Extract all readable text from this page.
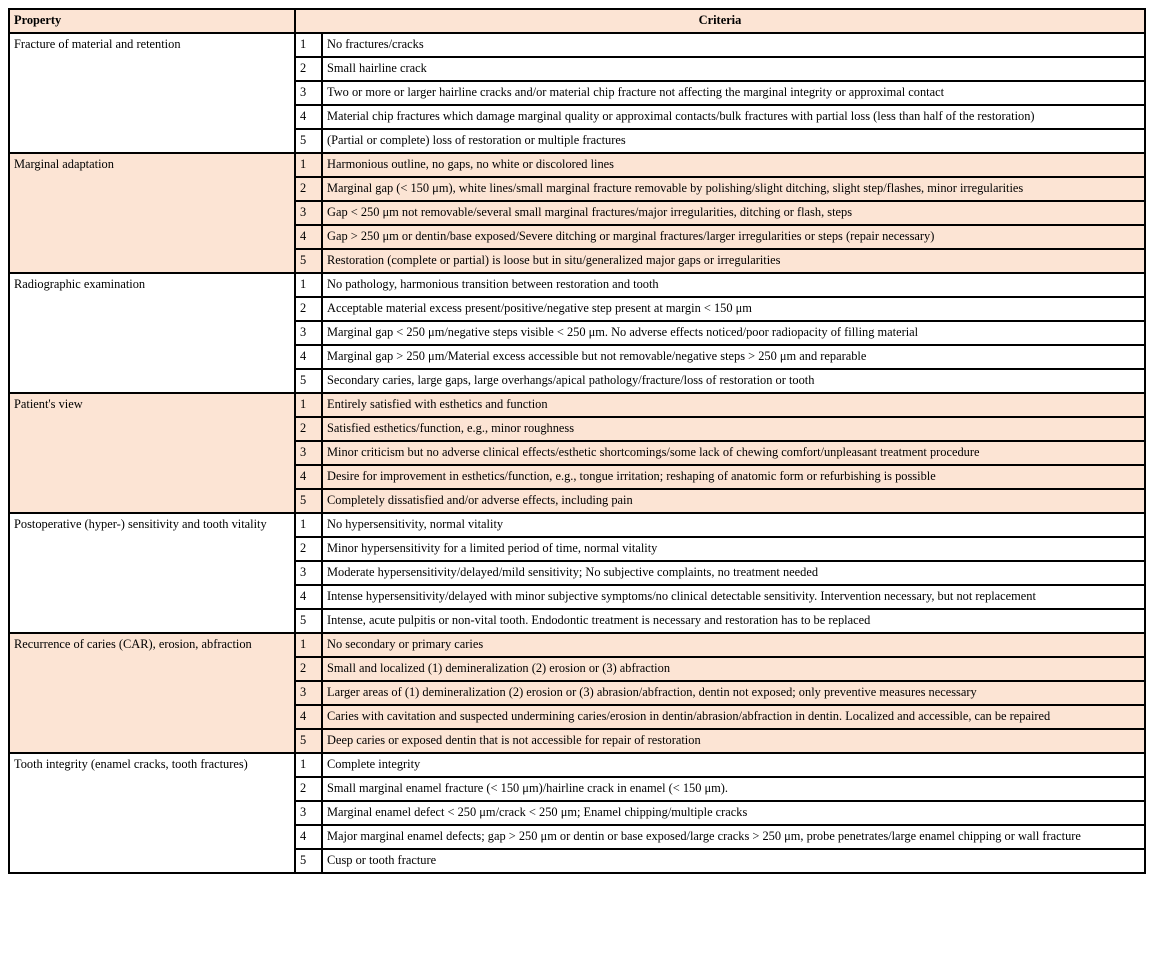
Property	Criteria	
Fracture of material and retention	1	No fractures/cracks
	2	Small hairline crack
	3	Two or more or larger hairline cracks and/or material chip fracture not affecting the marginal integrity or approximal contact
	4	Material chip fractures which damage marginal quality or approximal contacts/bulk fractures with partial loss (less than half of the restoration)
	5	(Partial or complete) loss of restoration or multiple fractures
Marginal adaptation	1	Harmonious outline, no gaps, no white or discolored lines
	2	Marginal gap (< 150 μm), white lines/small marginal fracture removable by polishing/slight ditching, slight step/flashes, minor irregularities
	3	Gap < 250 μm not removable/several small marginal fractures/major irregularities, ditching or flash, steps
	4	Gap > 250 μm or dentin/base exposed/Severe ditching or marginal fractures/larger irregularities or steps (repair necessary)
	5	Restoration (complete or partial) is loose but in situ/generalized major gaps or irregularities
Radiographic examination	1	No pathology, harmonious transition between restoration and tooth
	2	Acceptable material excess present/positive/negative step present at margin < 150 μm
	3	Marginal gap < 250 μm/negative steps visible < 250 μm. No adverse effects noticed/poor radiopacity of filling material
	4	Marginal gap > 250 μm/Material excess accessible but not removable/negative steps > 250 μm and reparable
	5	Secondary caries, large gaps, large overhangs/apical pathology/fracture/loss of restoration or tooth
Patient's view	1	Entirely satisfied with esthetics and function
	2	Satisfied esthetics/function, e.g., minor roughness
	3	Minor criticism but no adverse clinical effects/esthetic shortcomings/some lack of chewing comfort/unpleasant treatment procedure
	4	Desire for improvement in esthetics/function, e.g., tongue irritation; reshaping of anatomic form or refurbishing is possible
	5	Completely dissatisfied and/or adverse effects, including pain
Postoperative (hyper-) sensitivity and tooth vitality	1	No hypersensitivity, normal vitality
	2	Minor hypersensitivity for a limited period of time, normal vitality
	3	Moderate hypersensitivity/delayed/mild sensitivity; No subjective complaints, no treatment needed
	4	Intense hypersensitivity/delayed with minor subjective symptoms/no clinical detectable sensitivity. Intervention necessary, but not replacement
	5	Intense, acute pulpitis or non-vital tooth. Endodontic treatment is necessary and restoration has to be replaced
Recurrence of caries (CAR), erosion, abfraction	1	No secondary or primary caries
	2	Small and localized (1) demineralization (2) erosion or (3) abfraction
	3	Larger areas of (1) demineralization (2) erosion or (3) abrasion/abfraction, dentin not exposed; only preventive measures necessary
	4	Caries with cavitation and suspected undermining caries/erosion in dentin/abrasion/abfraction in dentin. Localized and accessible, can be repaired
	5	Deep caries or exposed dentin that is not accessible for repair of restoration
Tooth integrity (enamel cracks, tooth fractures)	1	Complete integrity
	2	Small marginal enamel fracture (< 150 μm)/hairline crack in enamel (< 150 μm).
	3	Marginal enamel defect < 250 μm/crack < 250 μm; Enamel chipping/multiple cracks
	4	Major marginal enamel defects; gap > 250 μm or dentin or base exposed/large cracks > 250 μm, probe penetrates/large enamel chipping or wall fracture
	5	Cusp or tooth fracture
